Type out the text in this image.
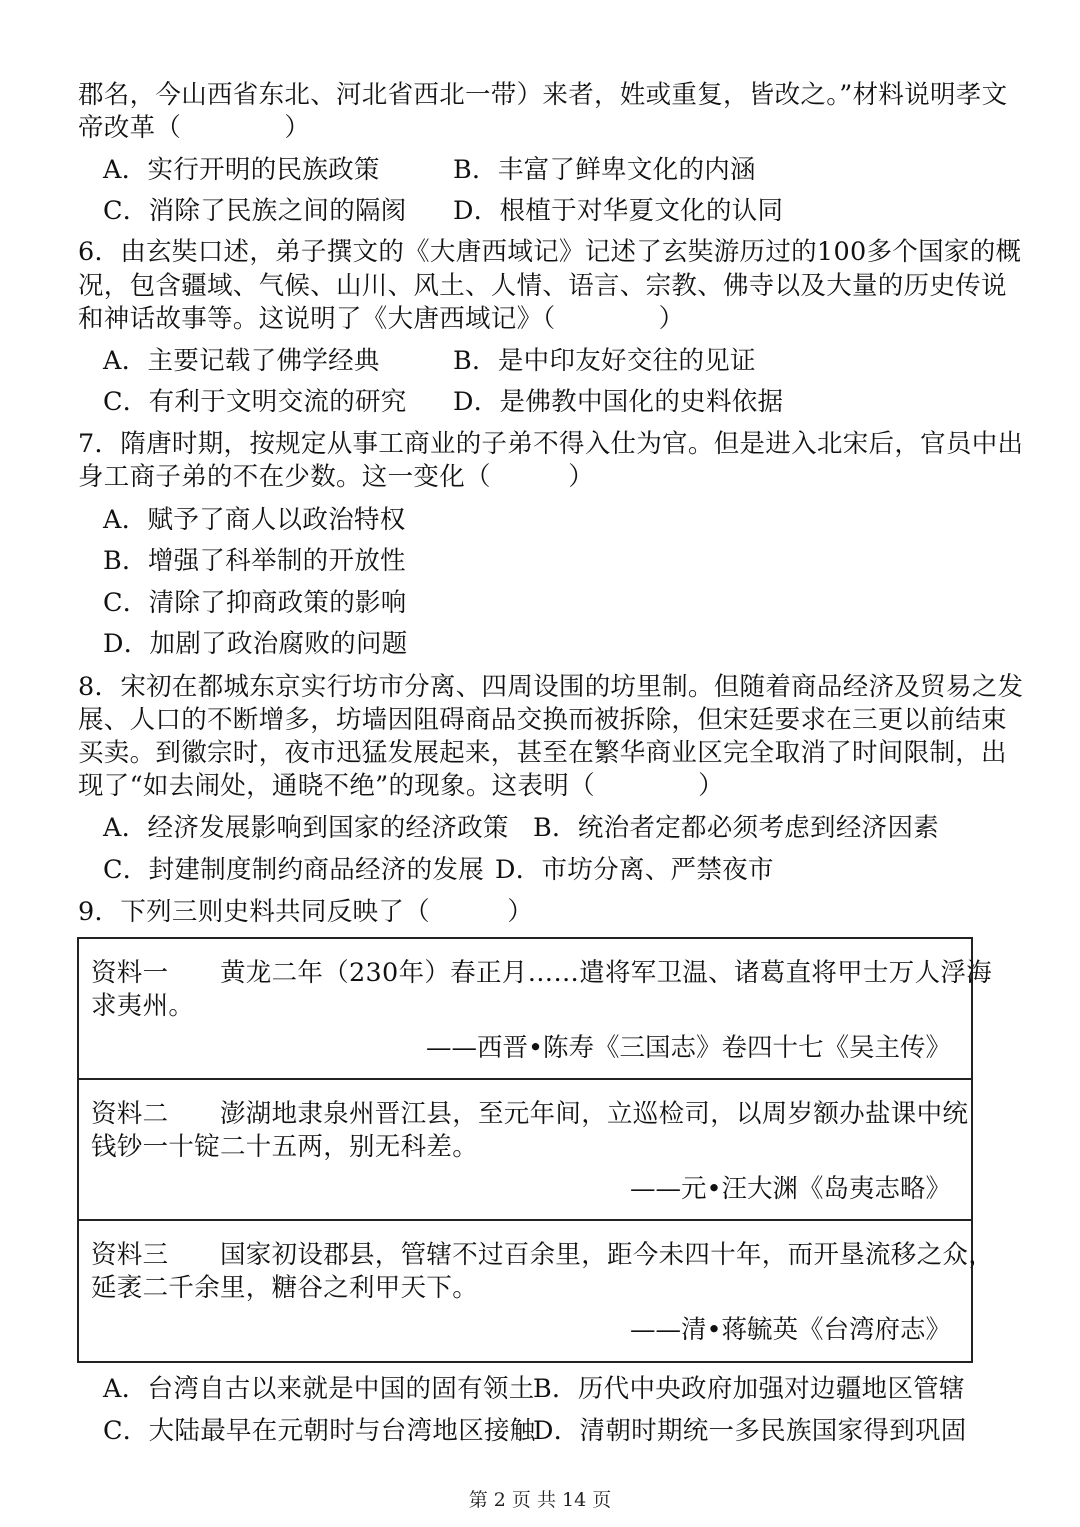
郡名，今山西省东北、河北省西北一带）来者，姓或重复，皆改之。”材料说明孝文
帝改革（　　　　）
A．实行开明的民族政策	B．丰富了鲜卑文化的内涵
C．消除了民族之间的隔阂 D．根植于对华夏文化的认同
6．由玄奘口述，弟子撰文的《大唐西域记》记述了玄奘游历过的100多个国家的概
况，包含疆域、气候、山川、风土、人情、语言、宗教、佛寺以及大量的历史传说
和神话故事等。这说明了《大唐西域记》（　　　　）
A．主要记载了佛学经典	B．是中印友好交往的见证
C．有利于文明交流的研究 D．是佛教中国化的史料依据
7．隋唐时期，按规定从事工商业的子弟不得入仕为官。但是进入北宋后，官员中出
身工商子弟的不在少数。这一变化（　　　）
A．赋予了商人以政治特权
B．增强了科举制的开放性
C．清除了抑商政策的影响
D．加剧了政治腐败的问题
8．宋初在都城东京实行坊市分离、四周设围的坊里制。但随着商品经济及贸易之发
展、人口的不断增多，坊墙因阻碍商品交换而被拆除，但宋廷要求在三更以前结束
买卖。到徽宗时，夜市迅猛发展起来，甚至在繁华商业区完全取消了时间限制，出
现了“如去闹处，通晓不绝”的现象。这表明（　　　　）
A．经济发展影响到国家的经济政策 B．统治者定都必须考虑到经济因素
C．封建制度制约商品经济的发展 D．市坊分离、严禁夜市
9．下列三则史料共同反映了（　　　）
资料一　　黄龙二年（230年）春正月……遣将军卫温、诸葛直将甲士万人浮海
求夷州。
——西晋•陈寿《三国志》卷四十七《吴主传》
资料二　　澎湖地隶泉州晋江县，至元年间，立巡检司，以周岁额办盐课中统
钱钞一十锭二十五两，别无科差。
——元•汪大渊《岛夷志略》
资料三　　国家初设郡县，管辖不过百余里，距今未四十年，而开垦流移之众，
延袤二千余里，糖谷之利甲天下。
——清•蒋毓英《台湾府志》
A．台湾自古以来就是中国的固有领土
B．历代中央政府加强对边疆地区管辖
C．大陆最早在元朝时与台湾地区接触
D．清朝时期统一多民族国家得到巩固
第 2 页 共 14 页
